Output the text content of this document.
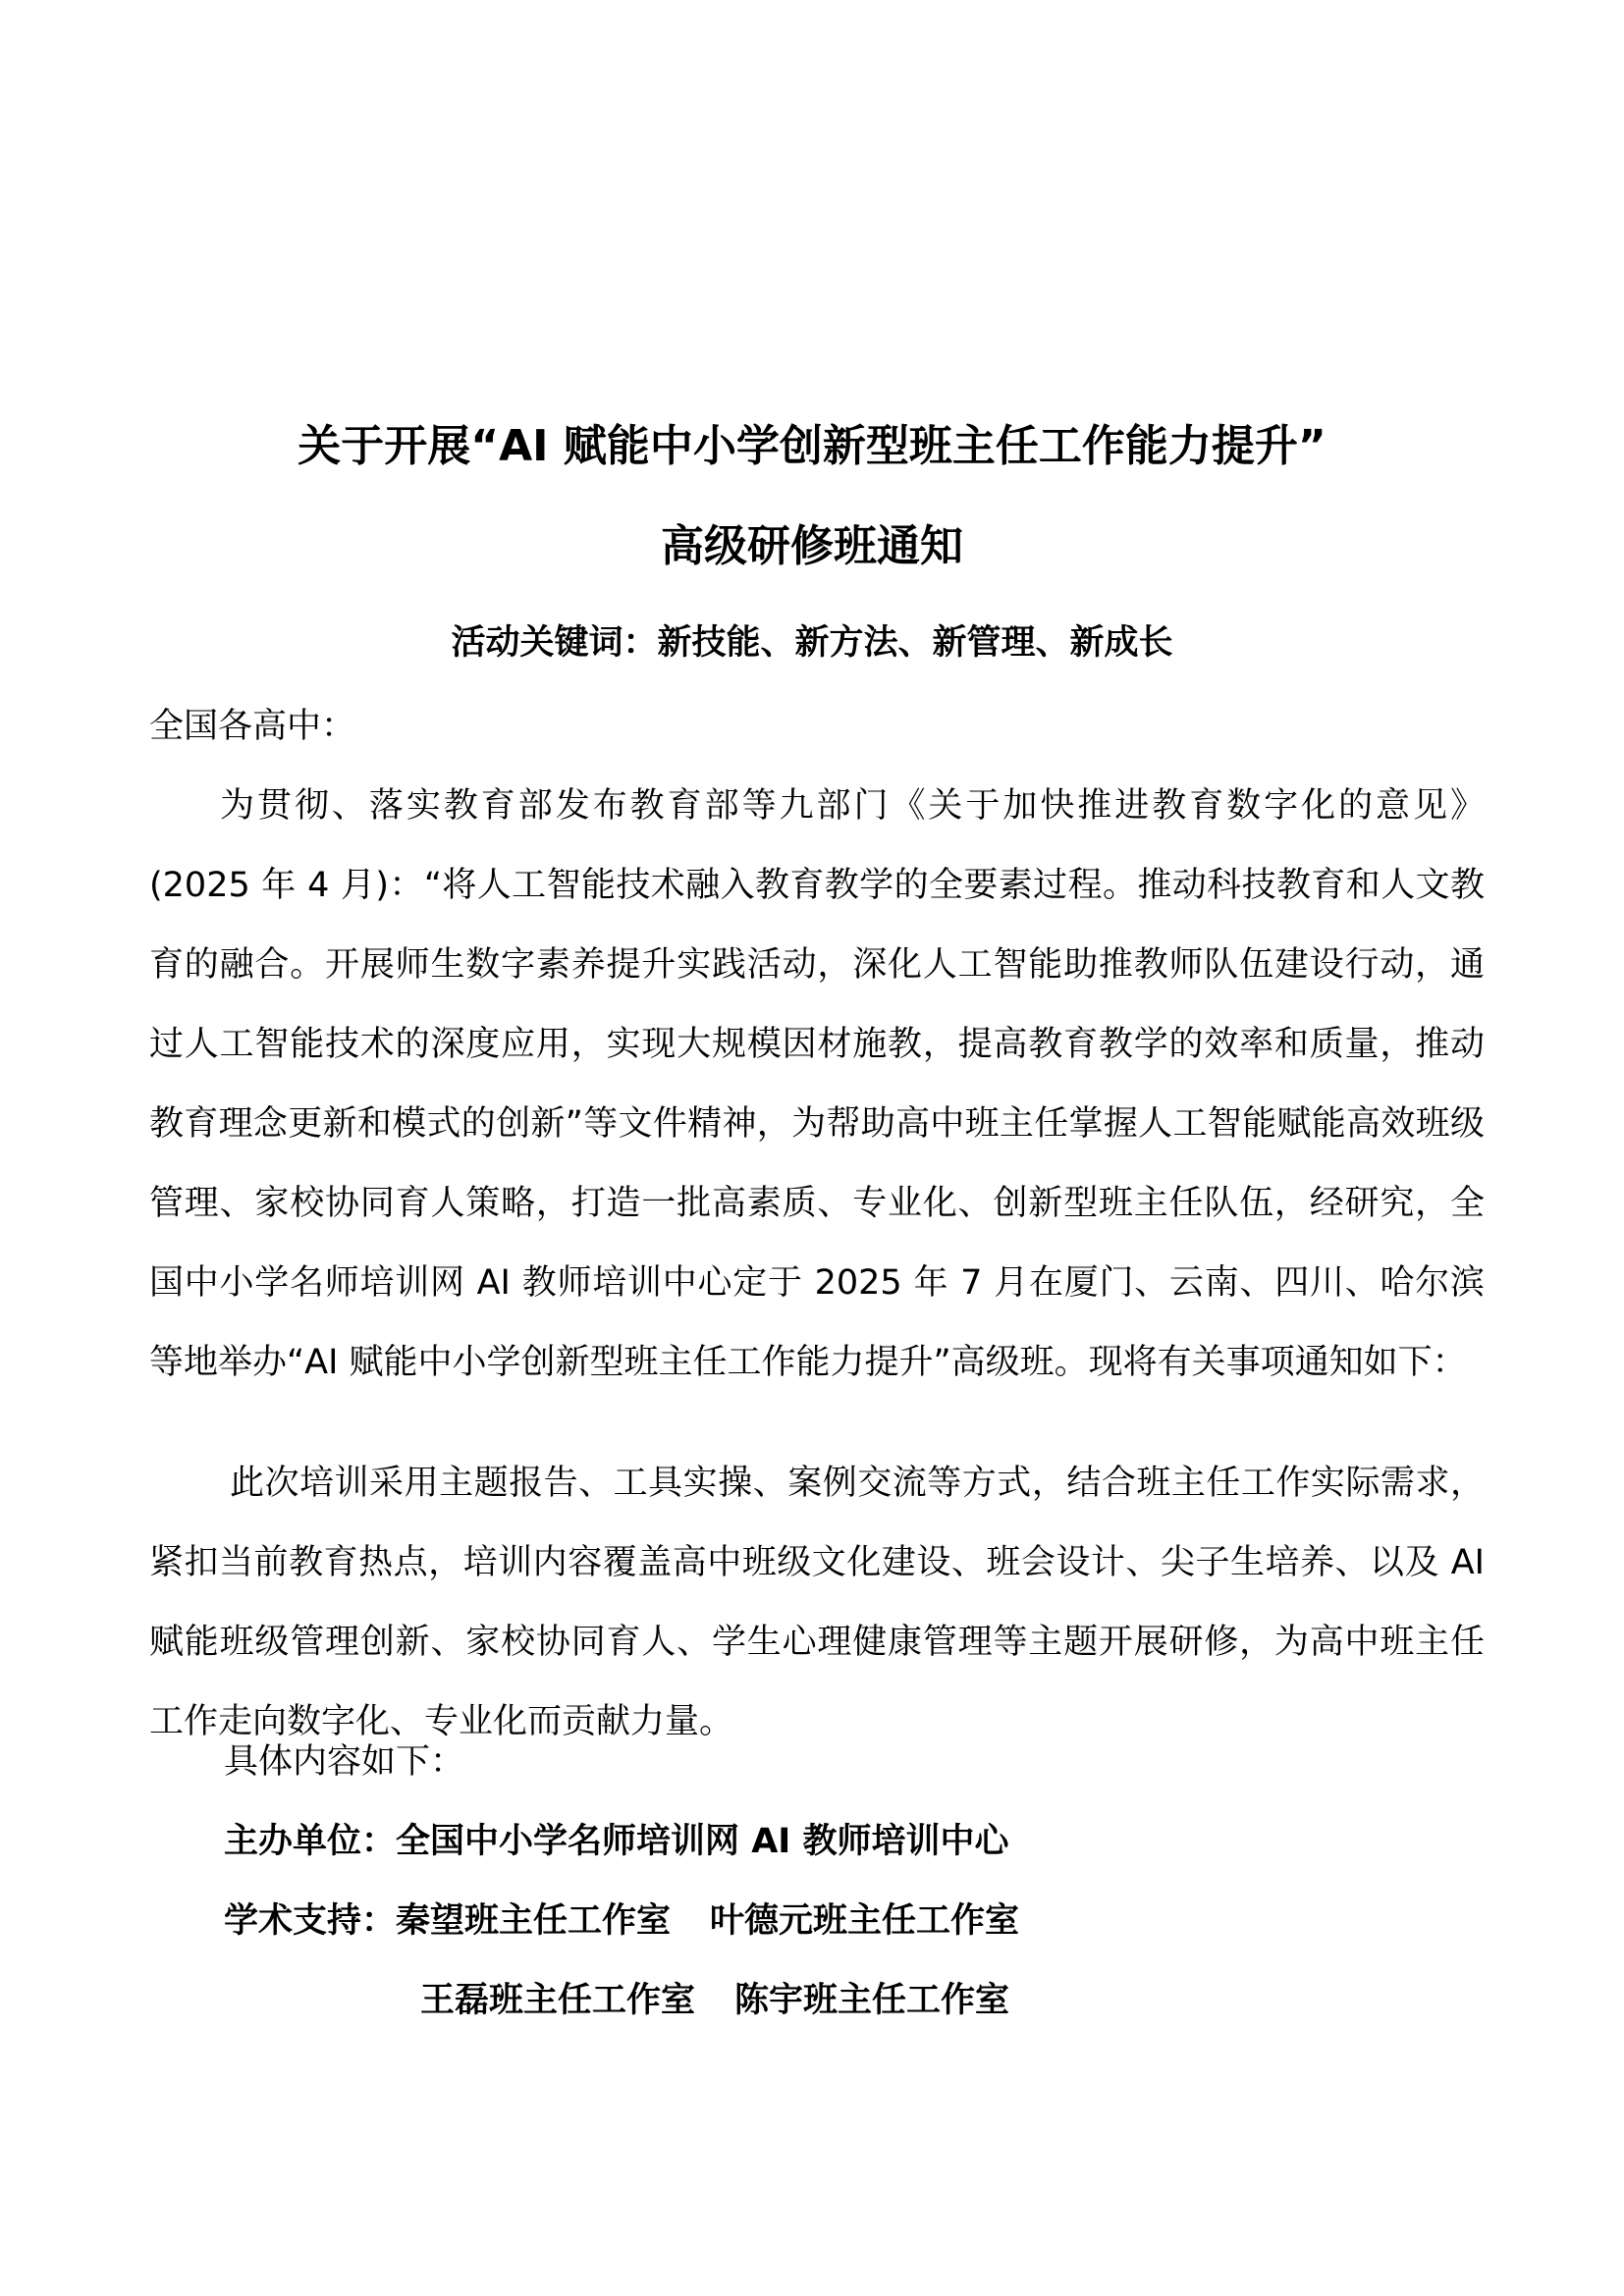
关于开展“AI 赋能中小学创新型班主任工作能力提升”
高级研修班通知
活动关键词：新技能、新方法、新管理、新成长
全国各高中：
为贯彻、落实教育部发布教育部等九部门《关于加快推进教育数字化的意见》(2025 年 4 月)：“将人工智能技术融入教育教学的全要素过程。推动科技教育和人文教育的融合。开展师生数字素养提升实践活动，深化人工智能助推教师队伍建设行动，通过人工智能技术的深度应用，实现大规模因材施教，提高教育教学的效率和质量，推动教育理念更新和模式的创新”等文件精神，为帮助高中班主任掌握人工智能赋能高效班级管理、家校协同育人策略，打造一批高素质、专业化、创新型班主任队伍，经研究，全国中小学名师培训网 AI 教师培训中心定于 2025 年 7 月在厦门、云南、四川、哈尔滨等地举办“AI 赋能中小学创新型班主任工作能力提升”高级班。现将有关事项通知如下：
此次培训采用主题报告、工具实操、案例交流等方式，结合班主任工作实际需求，紧扣当前教育热点，培训内容覆盖高中班级文化建设、班会设计、尖子生培养、以及 AI 赋能班级管理创新、家校协同育人、学生心理健康管理等主题开展研修，为高中班主任工作走向数字化、专业化而贡献力量。
具体内容如下：
主办单位：全国中小学名师培训网 AI 教师培训中心
学术支持：秦望班主任工作室 叶德元班主任工作室
王磊班主任工作室 陈宇班主任工作室
